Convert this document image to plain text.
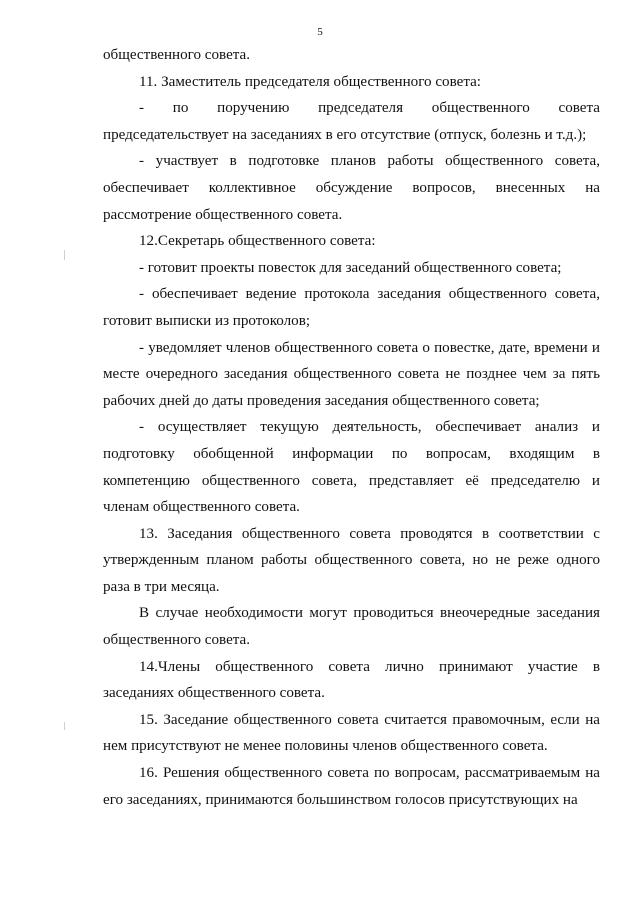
5

общественного совета.

11. Заместитель председателя общественного совета:

- по поручению председателя общественного совета председательствует на заседаниях в его отсутствие (отпуск, болезнь и т.д.);

- участвует в подготовке планов работы общественного совета, обеспечивает коллективное обсуждение вопросов, внесенных на рассмотрение общественного совета.

12.Секретарь общественного совета:

- готовит проекты повесток для заседаний общественного совета;

- обеспечивает ведение протокола заседания общественного совета, готовит выписки из протоколов;

- уведомляет членов общественного совета о повестке, дате, времени и месте очередного заседания общественного совета не позднее чем за пять рабочих дней до даты проведения заседания общественного совета;

- осуществляет текущую деятельность, обеспечивает анализ и подготовку обобщенной информации по вопросам, входящим в компетенцию общественного совета, представляет её председателю и членам общественного совета.

13. Заседания общественного совета проводятся в соответствии с утвержденным планом работы общественного совета, но не реже одного раза в три месяца.

В случае необходимости могут проводиться внеочередные заседания общественного совета.

14.Члены общественного совета лично принимают участие в заседаниях общественного совета.

15. Заседание общественного совета считается правомочным, если на нем присутствуют не менее половины членов общественного совета.

16. Решения общественного совета по вопросам, рассматриваемым на его заседаниях, принимаются большинством голосов присутствующих на
